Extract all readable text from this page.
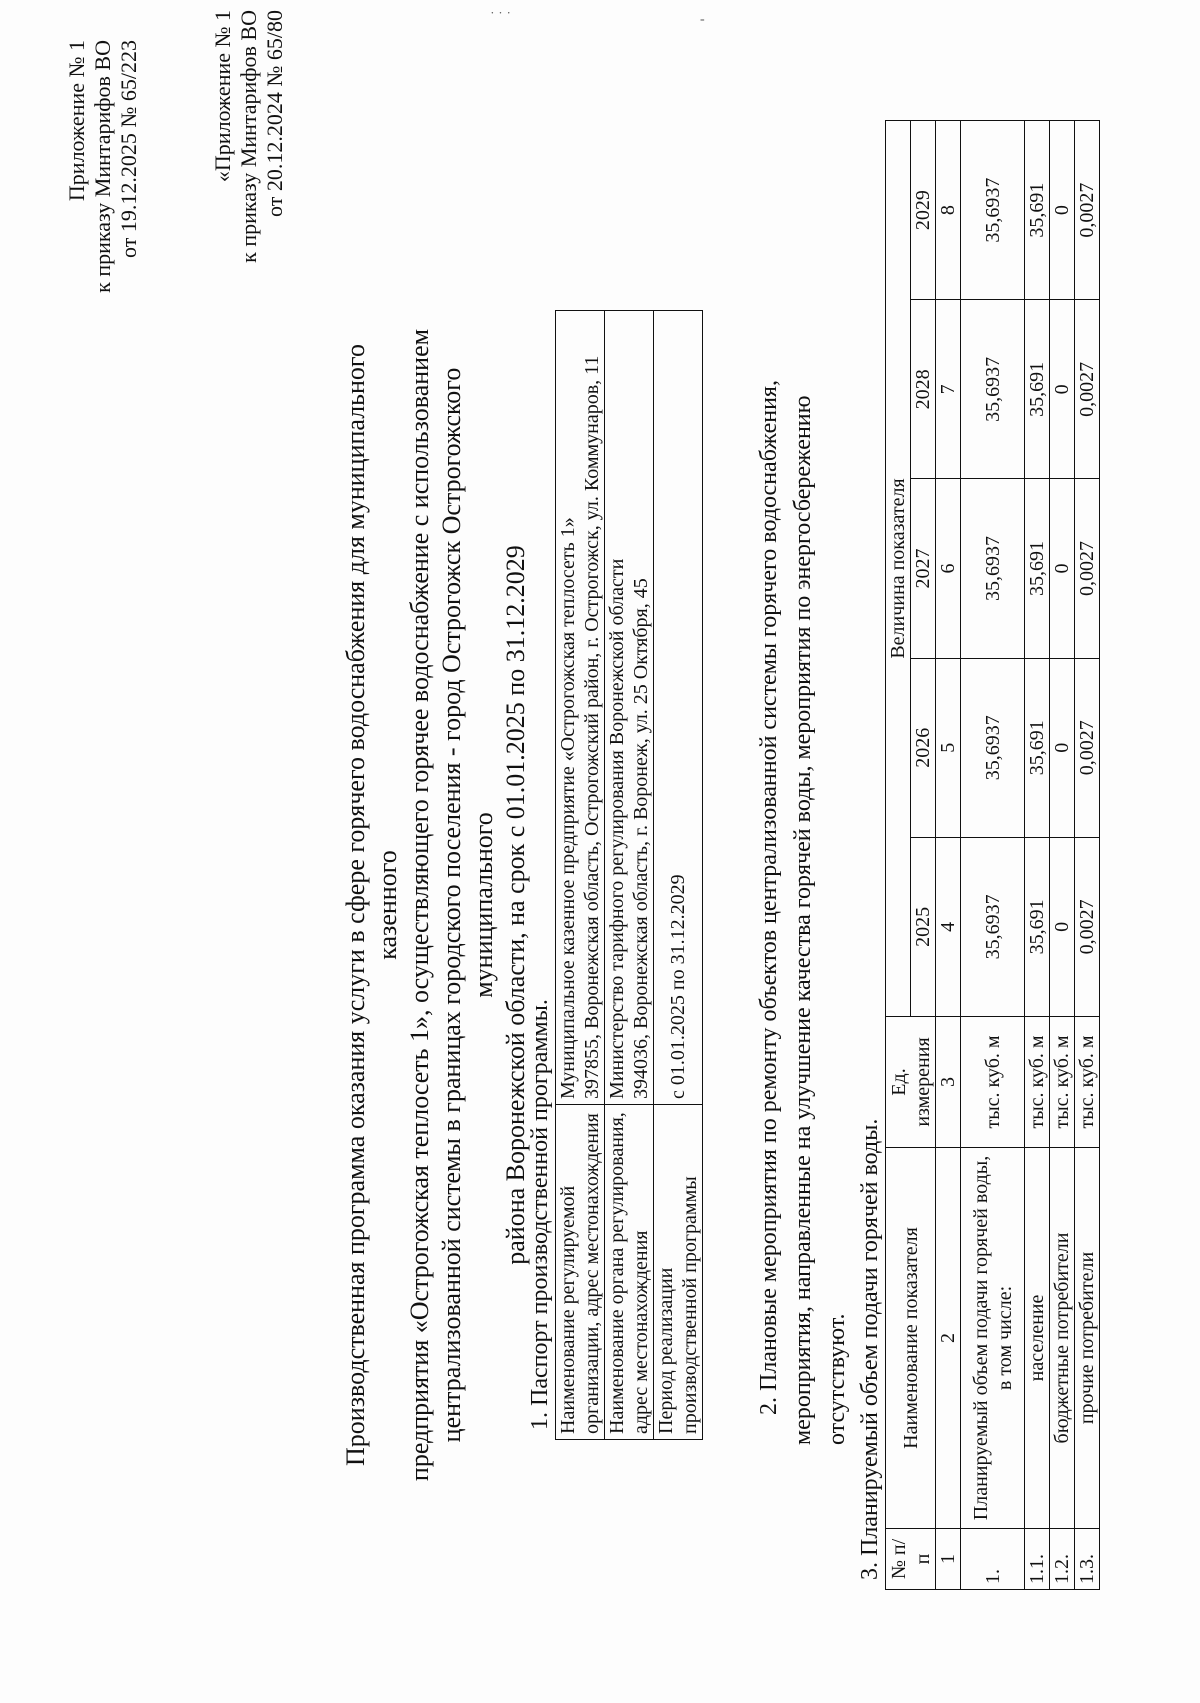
Приложение № 1 к приказу Минтарифов ВО от 19.12.2025 № 65/223	«Приложение № 1 к приказу Минтарифов ВО от 20.12.2024 № 65/80
Производственная программа оказания услуги в сфере горячего водоснабжения для муниципального казенного предприятия «Острогожская теплосеть 1», осуществляющего горячее водоснабжение с использованием централизованной системы в границах городского поселения - город Острогожск Острогожского муниципального района Воронежской области, на срок с 01.01.2025 по 31.12.2029
1. Паспорт производственной программы. Наименование регулируемой организации, адрес местонахождения	Муниципальное казенное предприятие «Острогожская теплосеть 1» 397855, Воронежская область, Острогожский район, г. Острогожск, ул. Коммунаров, 11

Наименование органа регулирования, адрес местонахождения	Министерство тарифного регулирования Воронежской области 394036, Воронежская область, г. Воронеж, ул. 25 Октября, 45

Период реализации производственной программы	с 01.01.2025 по 31.12.2029	2. Плановые мероприятия по ремонту объектов централизованной системы горячего водоснабжения, мероприятия, направленные на улучшение качества горячей воды, мероприятия по энергосбережению отсутствуют. 3. Планируемый объем подачи горячей воды. № п/п	Наименование показателя	Ед. измерения	Величина показателя				
			2025	2026	2027	2028	2029
1	2	3	4	5	6	7	8
1.	Планируемый объем подачи горячей воды, в том числе:	тыс. куб. м	35,6937	35,6937	35,6937	35,6937	35,6937
1.1.	население	тыс. куб. м	35,691	35,691	35,691	35,691	35,691
1.2.	бюджетные потребители	тыс. куб. м	0	0	0	0	0
1.3.	прочие потребители	тыс. куб. м	0,0027	0,0027	0,0027	0,0027	0,0027
˙ ˙ ˙	-
